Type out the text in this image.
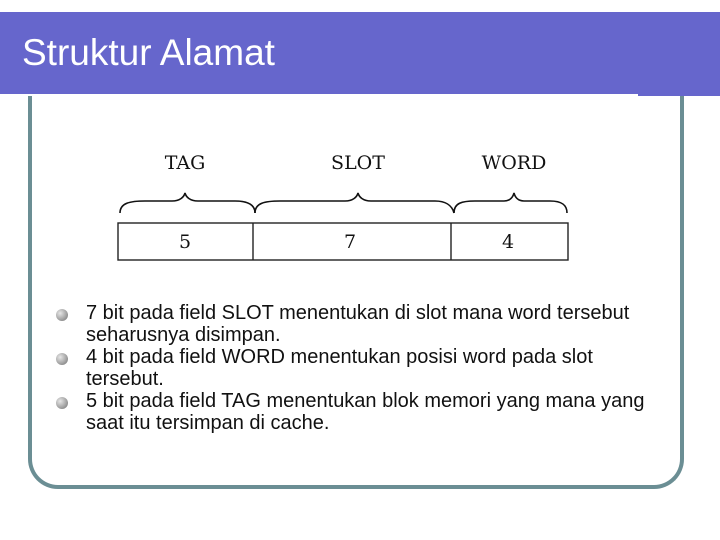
Struktur Alamat
TAG	SLOT	WORD
5	7	4
7 bit pada field SLOT menentukan di slot mana word tersebut seharusnya disimpan.
4 bit pada field WORD menentukan posisi word pada slot tersebut.
5 bit pada field TAG menentukan blok memori yang mana yang saat itu tersimpan di cache.
